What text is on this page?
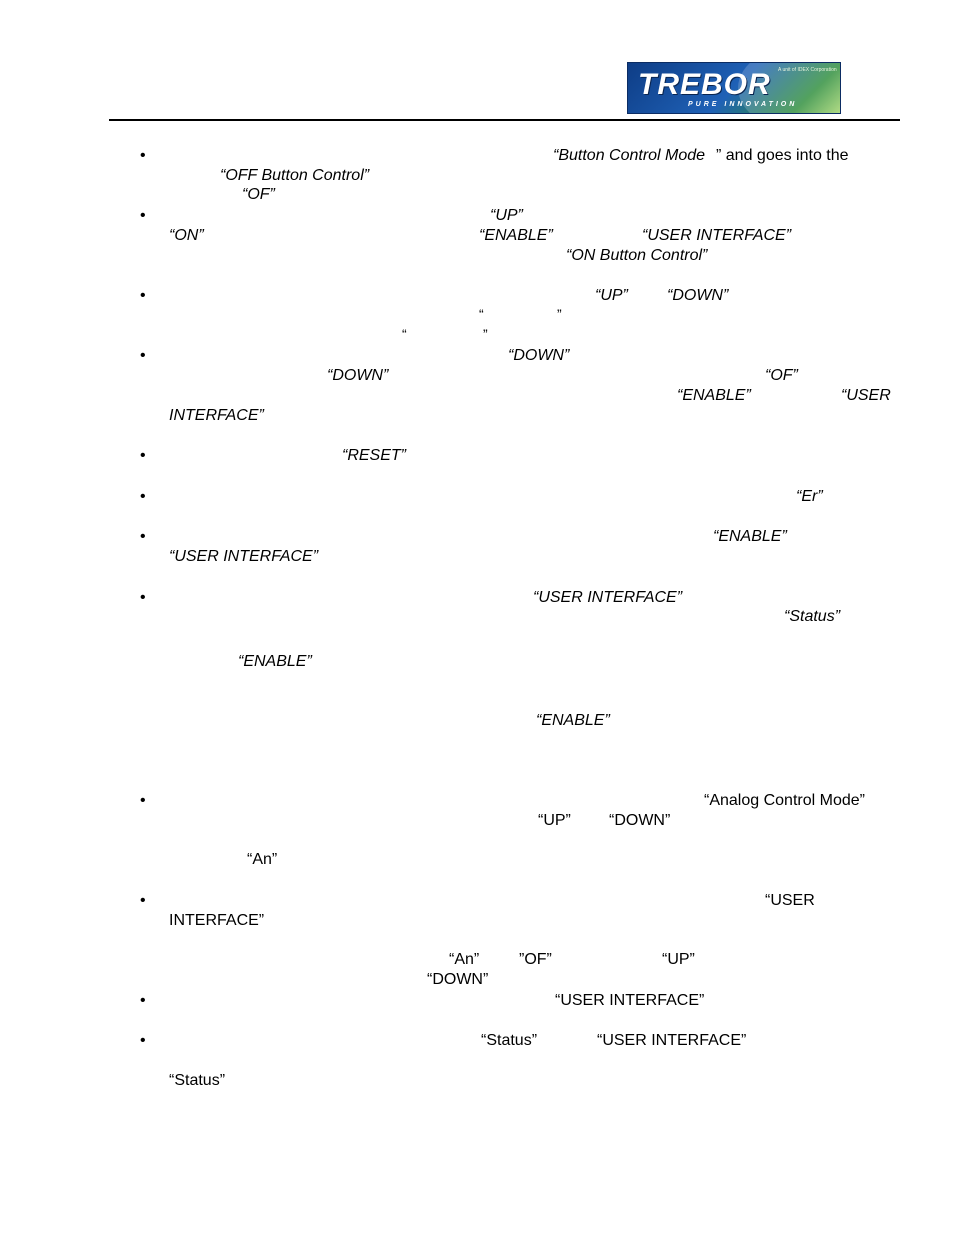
TREBOR A unit of IDEX Corporation
PURE INNOVATION
•
•
•
•
•
•
•
•
•
•
•
•
“Button Control Mode ” and goes into the
“OFF Button Control”
“OF”
“UP”
“ON”	“ENABLE”	“USER INTERFACE”
“ON Button Control”
“UP” “DOWN”
“	”
“	”
“DOWN”
“DOWN”	“OF”
“ENABLE”	“USER
INTERFACE”
“RESET”
“Er”
“ENABLE”
“USER INTERFACE”
“USER INTERFACE”
“Status”
“ENABLE”
“ENABLE”
“Analog Control Mode”
“UP” “DOWN”
“An”
“USER
INTERFACE”
“An” ”OF”	“UP”
“DOWN”
“USER INTERFACE”
“Status”	“USER INTERFACE”
“Status”
